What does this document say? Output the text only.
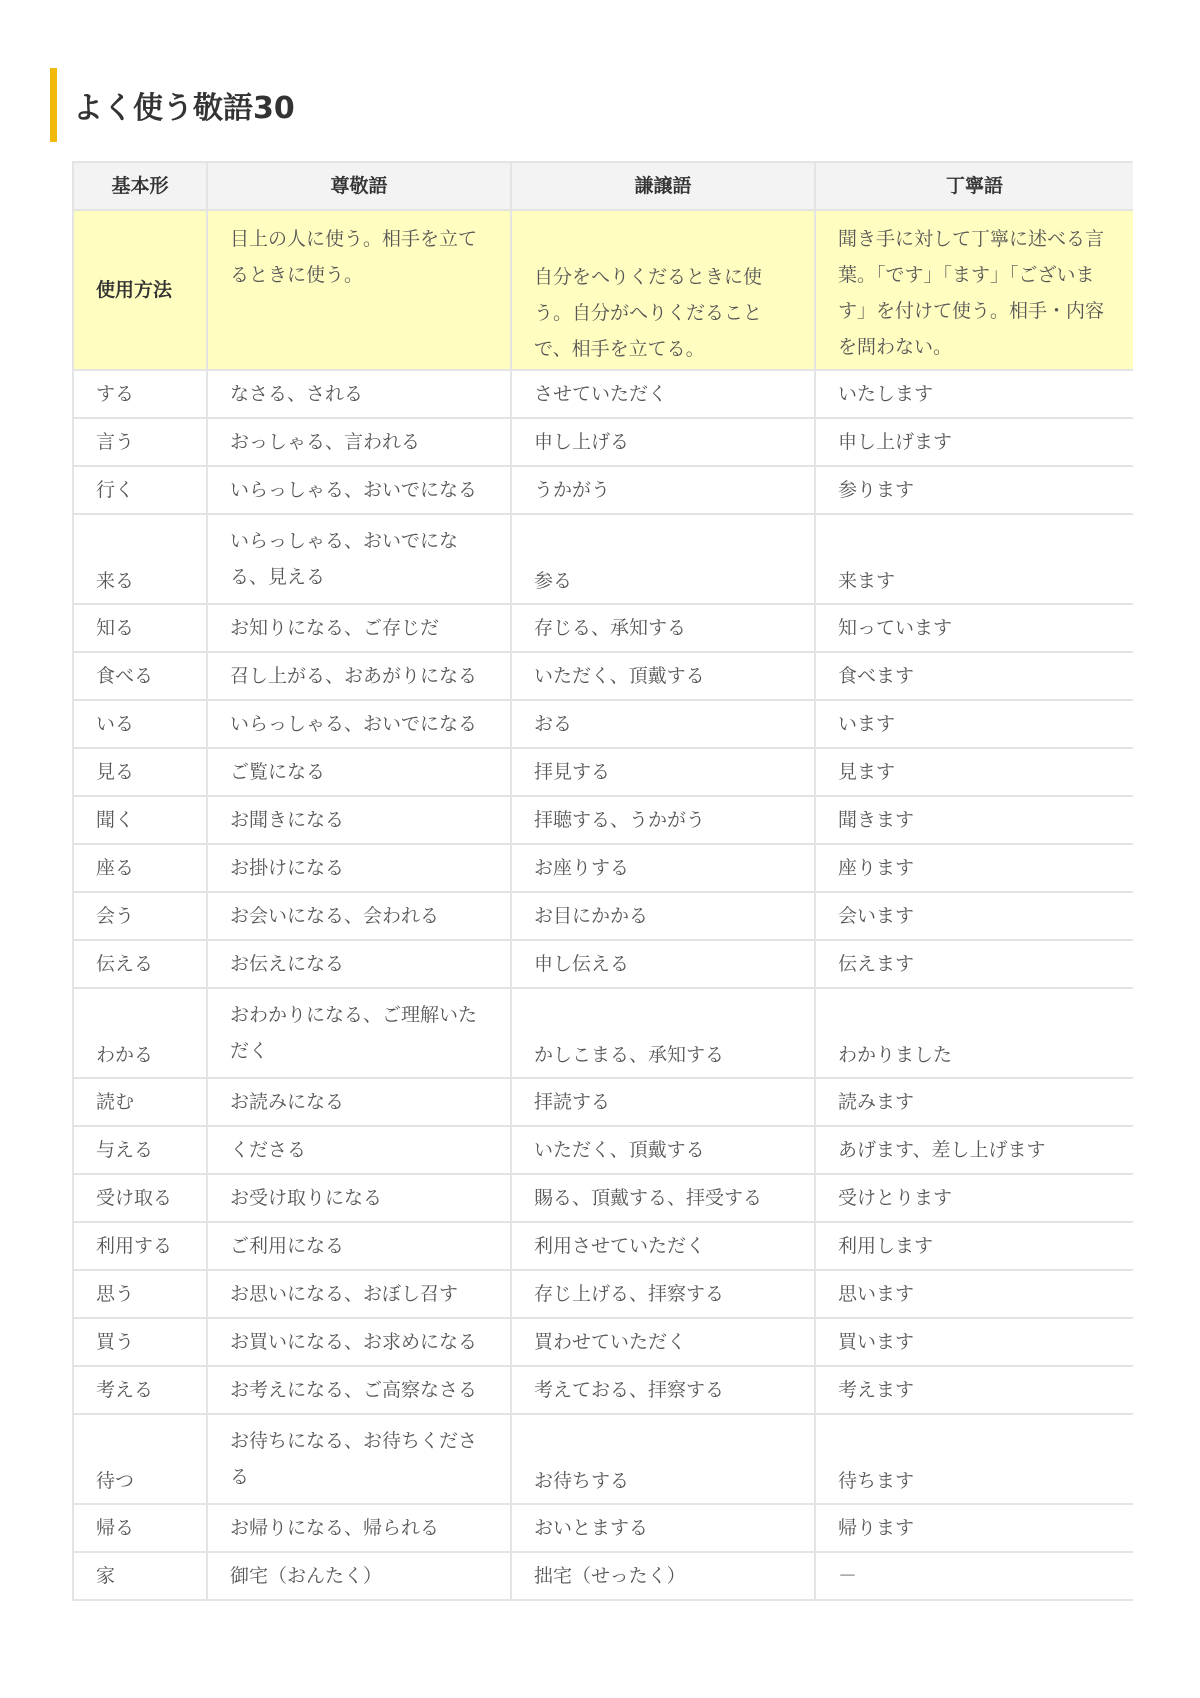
よく使う敬語30
基本形	尊敬語	謙譲語	丁寧語
使用方法	目上の人に使う。相手を立てるときに使う。	自分をへりくだるときに使う。自分がへりくだることで、相手を立てる。	聞き手に対して丁寧に述べる言葉。「です」「ます」「ございます」を付けて使う。相手・内容を問わない。
する	なさる、される	させていただく	いたします
言う	おっしゃる、言われる	申し上げる	申し上げます
行く	いらっしゃる、おいでになる	うかがう	参ります
来る	いらっしゃる、おいでになる、見える	参る	来ます
知る	お知りになる、ご存じだ	存じる、承知する	知っています
食べる	召し上がる、おあがりになる	いただく、頂戴する	食べます
いる	いらっしゃる、おいでになる	おる	います
見る	ご覧になる	拝見する	見ます
聞く	お聞きになる	拝聴する、うかがう	聞きます
座る	お掛けになる	お座りする	座ります
会う	お会いになる、会われる	お目にかかる	会います
伝える	お伝えになる	申し伝える	伝えます
わかる	おわかりになる、ご理解いただく	かしこまる、承知する	わかりました
読む	お読みになる	拝読する	読みます
与える	くださる	いただく、頂戴する	あげます、差し上げます
受け取る	お受け取りになる	賜る、頂戴する、拝受する	受けとります
利用する	ご利用になる	利用させていただく	利用します
思う	お思いになる、おぼし召す	存じ上げる、拝察する	思います
買う	お買いになる、お求めになる	買わせていただく	買います
考える	お考えになる、ご高察なさる	考えておる、拝察する	考えます
待つ	お待ちになる、お待ちくださる	お待ちする	待ちます
帰る	お帰りになる、帰られる	おいとまする	帰ります
家	御宅（おんたく）	拙宅（せったく）	－
